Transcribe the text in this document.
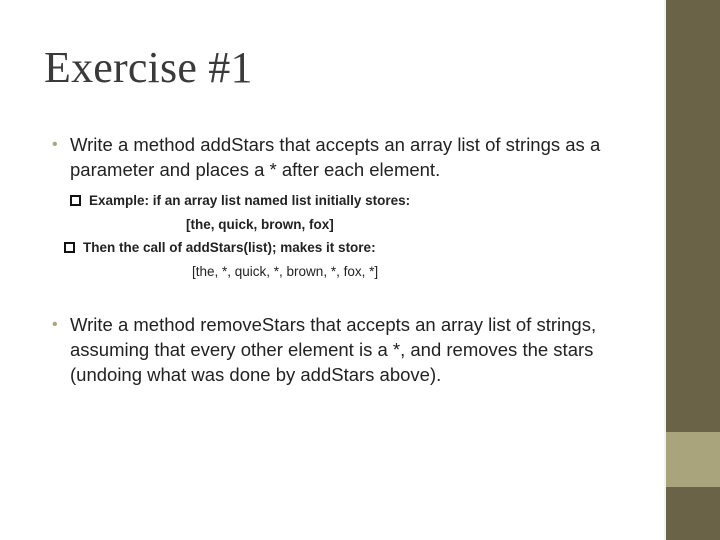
Exercise #1
• Write a method addStars that accepts an array list of strings as a parameter and places a * after each element.
Example: if an array list named list initially stores:
[the, quick, brown, fox]
Then the call of addStars(list); makes it store:
[the, *, quick, *, brown, *, fox, *]
• Write a method removeStars that accepts an array list of strings, assuming that every other element is a *, and removes the stars (undoing what was done by addStars above).
